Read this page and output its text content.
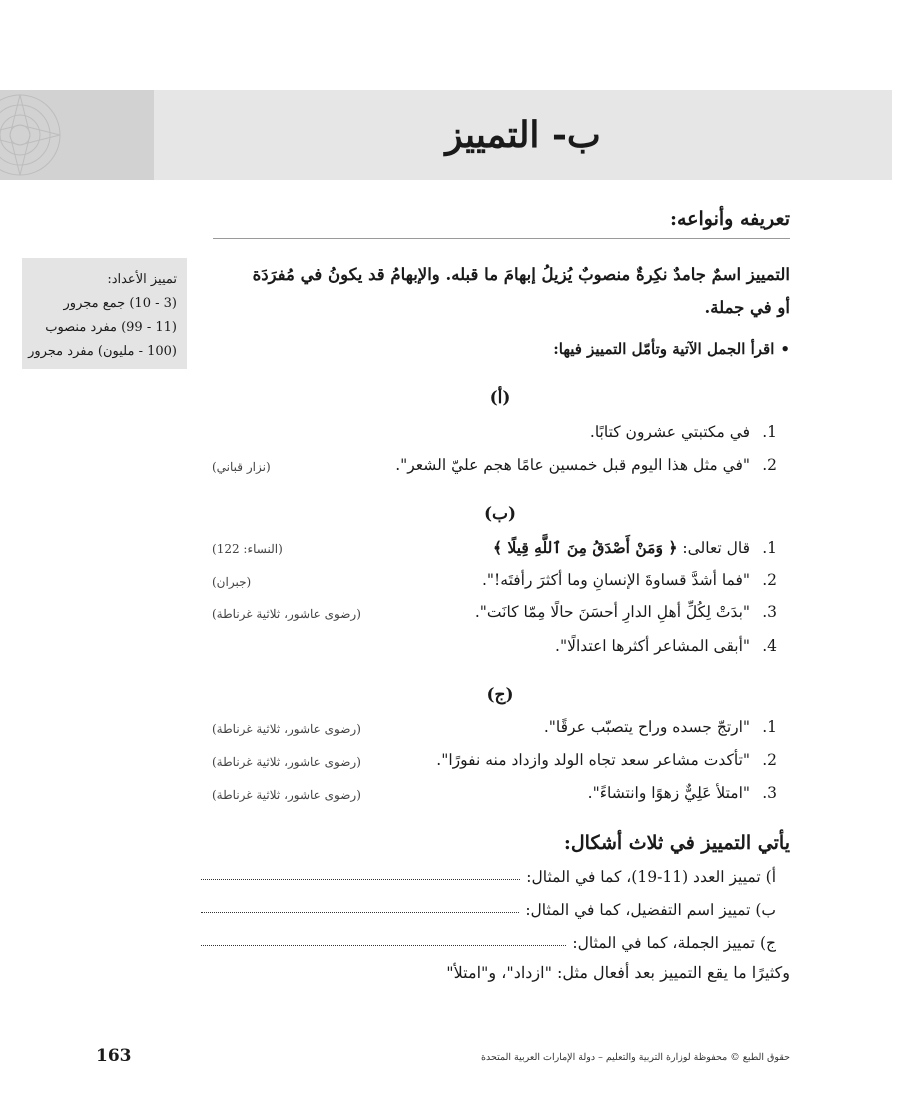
ب- التمييز
تعريفه وأنواعه:
التمييز اسمٌ جامدٌ نكِرةٌ منصوبٌ يُزيلُ إبهامَ ما قبله. والإبهامُ قد يكونُ في مُفرَدَة أو في جملة.
تمييز الأعداد:
(3 - 10) جمع مجرور
(11 - 99) مفرد منصوب
(100 - مليون) مفرد مجرور	•اقرأ الجمل الآتية وتأمّل التمييز فيها:
(أ)
1. في مكتبتي عشرون كتابًا.
2. "في مثل هذا اليوم قبل خمسين عامًا هجم عليّ الشعر".
(نزار قباني)
(ب)
1. قال تعالى: ﴿ وَمَنْ أَصْدَقُ مِنَ ٱللَّهِ قِيلًا ﴾
(النساء: 122)
2. "فما أشدَّ قساوةَ الإنسانِ وما أكثرَ رأفتَه!".
(جبران)
3. "بدَتْ لِكُلِّ أهلِ الدارِ أحسَنَ حالًا مِمّا كانَت".
(رضوى عاشور، ثلاثية غرناطة)
4. "أبقى المشاعر أكثرها اعتدالًا".
(ج)
1. "ارتجّ جسده وراح يتصبّب عرقًا".
(رضوى عاشور، ثلاثية غرناطة)
2. "تأكدت مشاعر سعد تجاه الولد وازداد منه نفورًا".
(رضوى عاشور، ثلاثية غرناطة)
3. "امتلأ عَلِيٌّ زهوًا وانتشاءً".
(رضوى عاشور، ثلاثية غرناطة)
يأتي التمييز في ثلاث أشكال:
أ)

تمييز العدد (11-19)، كما في المثال:
ب)

تمييز اسم التفضيل، كما في المثال:
ج)

تمييز الجملة، كما في المثال:
وكثيرًا ما يقع التمييز بعد أفعال مثل: "ازداد"، و"امتلأ"
163	حقوق الطبع © محفوظة لوزارة التربية والتعليم – دولة الإمارات العربية المتحدة
